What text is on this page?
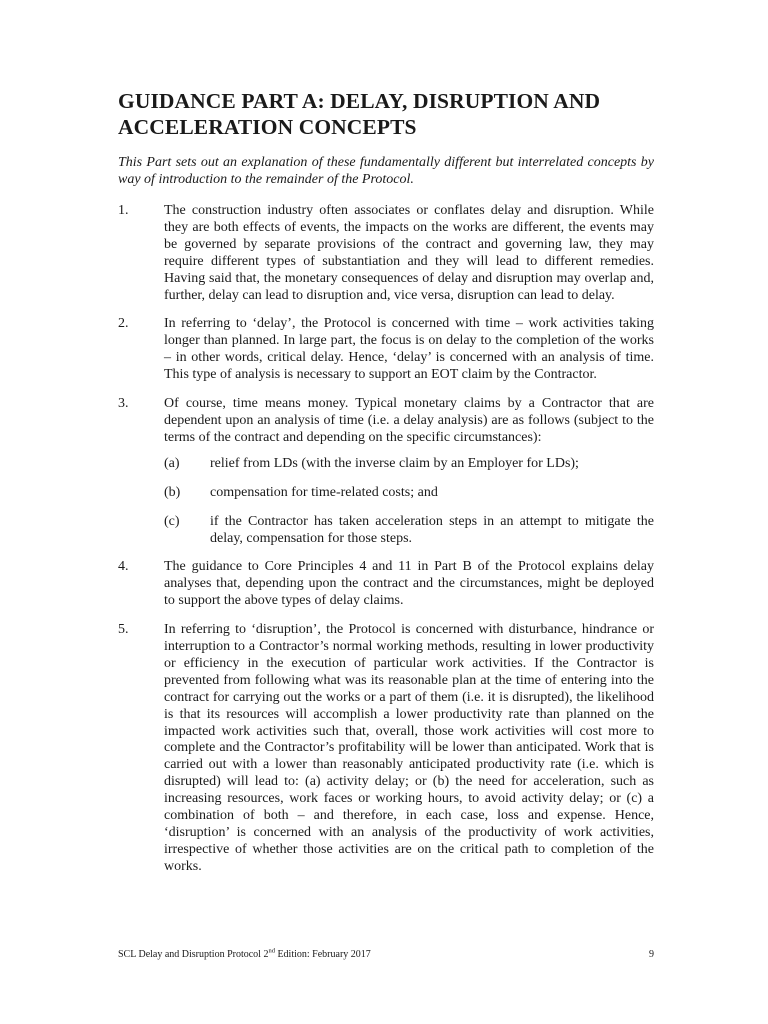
GUIDANCE PART A: DELAY, DISRUPTION AND
ACCELERATION CONCEPTS

This Part sets out an explanation of these fundamentally different but interrelated concepts by way of introduction to the remainder of the Protocol.

1.	The construction industry often associates or conflates delay and disruption. While they are both effects of events, the impacts on the works are different, the events may be governed by separate provisions of the contract and governing law, they may require different types of substantiation and they will lead to different remedies. Having said that, the monetary consequences of delay and disruption may overlap and, further, delay can lead to disruption and, vice versa, disruption can lead to delay.
2.	In referring to ‘delay’, the Protocol is concerned with time – work activities taking longer than planned. In large part, the focus is on delay to the completion of the works – in other words, critical delay. Hence, ‘delay’ is concerned with an analysis of time. This type of analysis is necessary to support an EOT claim by the Contractor.
3.	Of course, time means money. Typical monetary claims by a Contractor that are dependent upon an analysis of time (i.e. a delay analysis) are as follows (subject to the terms of the contract and depending on the specific circumstances):
(a)	relief from LDs (with the inverse claim by an Employer for LDs);
(b)	compensation for time-related costs; and
(c)	if the Contractor has taken acceleration steps in an attempt to mitigate the delay, compensation for those steps.
4.	The guidance to Core Principles 4 and 11 in Part B of the Protocol explains delay analyses that, depending upon the contract and the circumstances, might be deployed to support the above types of delay claims.
5.	In referring to ‘disruption’, the Protocol is concerned with disturbance, hindrance or interruption to a Contractor’s normal working methods, resulting in lower productivity or efficiency in the execution of particular work activities. If the Contractor is prevented from following what was its reasonable plan at the time of entering into the contract for carrying out the works or a part of them (i.e. it is disrupted), the likelihood is that its resources will accomplish a lower productivity rate than planned on the impacted work activities such that, overall, those work activities will cost more to complete and the Contractor’s profitability will be lower than anticipated. Work that is carried out with a lower than reasonably anticipated productivity rate (i.e. which is disrupted) will lead to: (a) activity delay; or (b) the need for acceleration, such as increasing resources, work faces or working hours, to avoid activity delay; or (c) a combination of both – and therefore, in each case, loss and expense. Hence, ‘disruption’ is concerned with an analysis of the productivity of work activities, irrespective of whether those activities are on the critical path to completion of the works.
SCL Delay and Disruption Protocol 2nd Edition: February 2017	9
